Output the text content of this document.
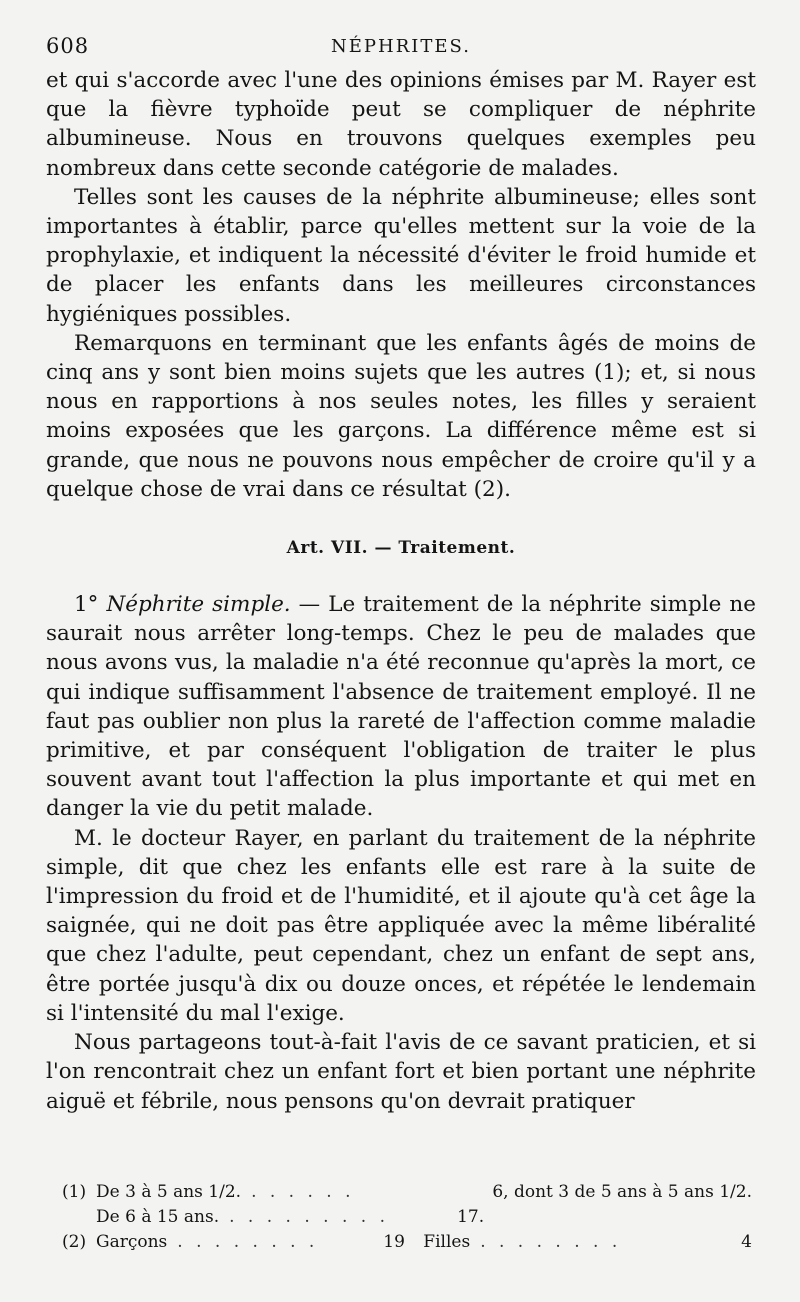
608	NÉPHRITES.

et qui s'accorde avec l'une des opinions émises par M. Rayer est que la fièvre typhoïde peut se compliquer de néphrite albumineuse. Nous en trouvons quelques exemples peu nombreux dans cette seconde catégorie de malades.

Telles sont les causes de la néphrite albumineuse; elles sont importantes à établir, parce qu'elles mettent sur la voie de la prophylaxie, et indiquent la nécessité d'éviter le froid humide et de placer les enfants dans les meilleures circonstances hygiéniques possibles.

Remarquons en terminant que les enfants âgés de moins de cinq ans y sont bien moins sujets que les autres (1); et, si nous nous en rapportions à nos seules notes, les filles y seraient moins exposées que les garçons. La différence même est si grande, que nous ne pouvons nous empêcher de croire qu'il y a quelque chose de vrai dans ce résultat (2).

Art. VII. — Traitement.

1° Néphrite simple. — Le traitement de la néphrite simple ne saurait nous arrêter long-temps. Chez le peu de malades que nous avons vus, la maladie n'a été reconnue qu'après la mort, ce qui indique suffisamment l'absence de traitement employé. Il ne faut pas oublier non plus la rareté de l'affection comme maladie primitive, et par conséquent l'obligation de traiter le plus souvent avant tout l'affection la plus importante et qui met en danger la vie du petit malade.

M. le docteur Rayer, en parlant du traitement de la néphrite simple, dit que chez les enfants elle est rare à la suite de l'impression du froid et de l'humidité, et il ajoute qu'à cet âge la saignée, qui ne doit pas être appliquée avec la même libéralité que chez l'adulte, peut cependant, chez un enfant de sept ans, être portée jusqu'à dix ou douze onces, et répétée le lendemain si l'intensité du mal l'exige.

Nous partageons tout-à-fait l'avis de ce savant praticien, et si l'on rencontrait chez un enfant fort et bien portant une néphrite aiguë et fébrile, nous pensons qu'on devrait pratiquer

(1) De 3 à 5 ans 1/2. . . . . . .	6, dont 3 de 5 ans à 5 ans 1/2.
De 6 à 15 ans. . . . . . . . . .	17.
(2) Garçons . . . . . . . .	19	Filles . . . . . . . .	4
